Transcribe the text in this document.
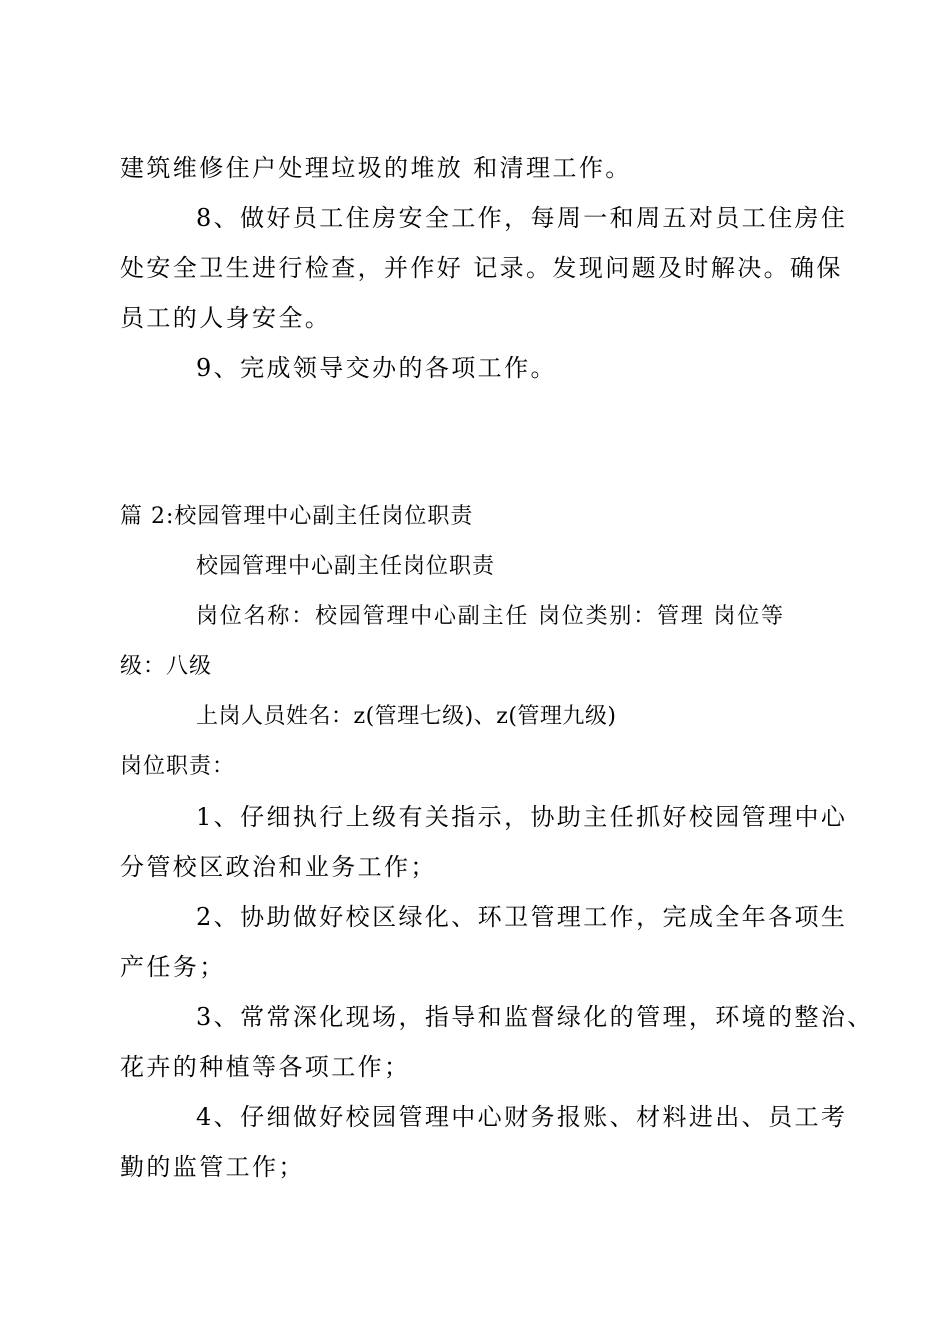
建筑维修住户处理垃圾的堆放 和清理工作。
8、做好员工住房安全工作，每周一和周五对员工住房住
处安全卫生进行检查，并作好 记录。发现问题及时解决。确保
员工的人身安全。
9、完成领导交办的各项工作。
篇 2:校园管理中心副主任岗位职责
校园管理中心副主任岗位职责
岗位名称：校园管理中心副主任 岗位类别：管理 岗位等
级：八级
上岗人员姓名：z(管理七级)、z(管理九级)
岗位职责：
1、仔细执行上级有关指示，协助主任抓好校园管理中心
分管校区政治和业务工作；
2、协助做好校区绿化、环卫管理工作，完成全年各项生
产任务；
3、常常深化现场，指导和监督绿化的管理，环境的整治、
花卉的种植等各项工作；
4、仔细做好校园管理中心财务报账、材料进出、员工考
勤的监管工作；
